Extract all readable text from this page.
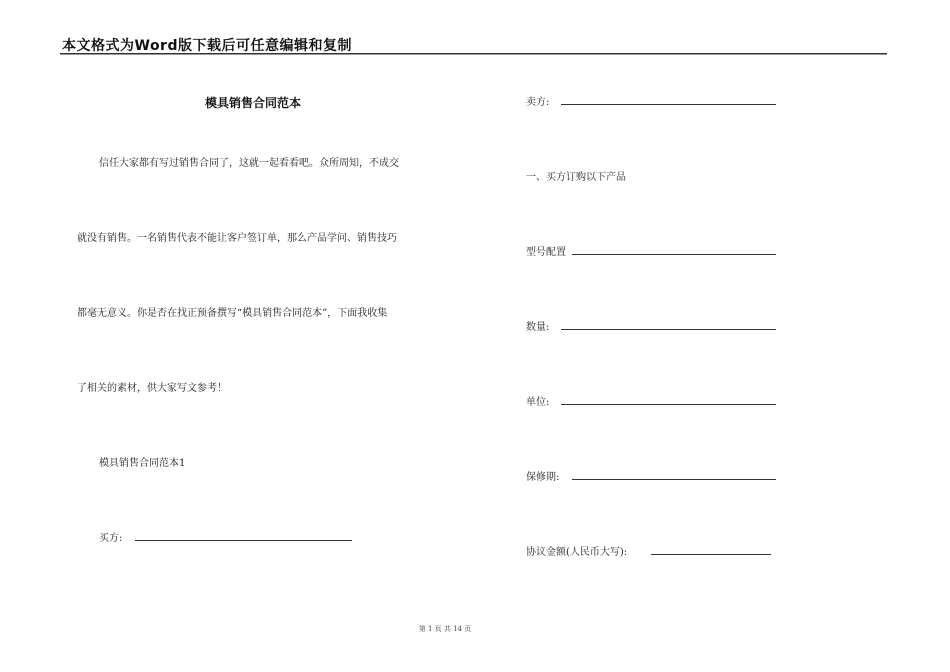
本文格式为Word版下载后可任意编辑和复制
模具销售合同范本
信任大家都有写过销售合同了，这就一起看看吧。众所周知，不成交
就没有销售。一名销售代表不能让客户签订单，那么产品学问、销售技巧
都毫无意义。你是否在找正预备撰写“模具销售合同范本”，下面我收集
了相关的素材，供大家写文参考！
模具销售合同范本1
买方:
卖方:
一、买方订购以下产品
型号配置
数量:
单位:
保修期:
协议金额(人民币大写):
第 1 页 共 14 页
